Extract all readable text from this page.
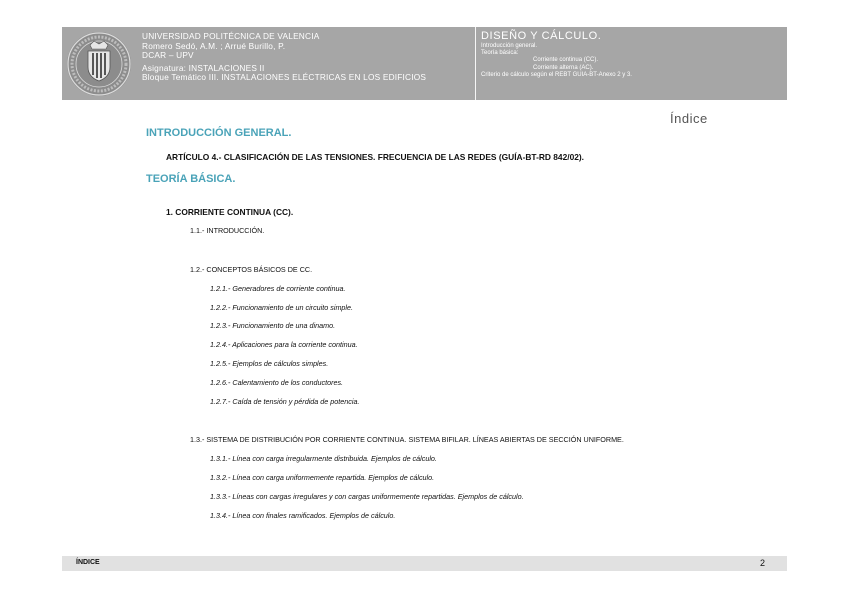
UNIVERSIDAD POLITÉCNICA DE VALENCIA
Romero Sedó, A.M. ; Arrué Burillo, P.
DCAR – UPV
Asignatura: INSTALACIONES II
Bloque Temático III. INSTALACIONES ELÉCTRICAS EN LOS EDIFICIOS
DISEÑO Y CÁLCULO.
Introducción general.
Teoría básica:
Corriente continua (CC).
Corriente alterna (AC).
Criterio de cálculo según el REBT GUIA-BT-Anexo 2 y 3.
Índice
INTRODUCCIÓN GENERAL.
ARTÍCULO 4.- CLASIFICACIÓN DE LAS TENSIONES. FRECUENCIA DE LAS REDES (GUÍA-BT-RD 842/02).
TEORÍA BÁSICA.
1. CORRIENTE CONTINUA (CC).
1.1.- INTRODUCCIÓN.
1.2.- CONCEPTOS BÁSICOS DE CC.
1.2.1.- Generadores de corriente continua.
1.2.2.- Funcionamiento de un circuito simple.
1.2.3.- Funcionamiento de una dinamo.
1.2.4.- Aplicaciones para la corriente continua.
1.2.5.- Ejemplos de cálculos simples.
1.2.6.- Calentamiento de los conductores.
1.2.7.- Caída de tensión y pérdida de potencia.
1.3.- SISTEMA DE DISTRIBUCIÓN POR CORRIENTE CONTINUA. SISTEMA BIFILAR. LÍNEAS ABIERTAS DE SECCIÓN UNIFORME.
1.3.1.- Línea con carga irregularmente distribuida. Ejemplos de cálculo.
1.3.2.- Línea con carga uniformemente repartida. Ejemplos de cálculo.
1.3.3.- Líneas con cargas irregulares y con cargas uniformemente repartidas. Ejemplos de cálculo.
1.3.4.- Línea con finales ramificados. Ejemplos de cálculo.
ÍNDICE	2
